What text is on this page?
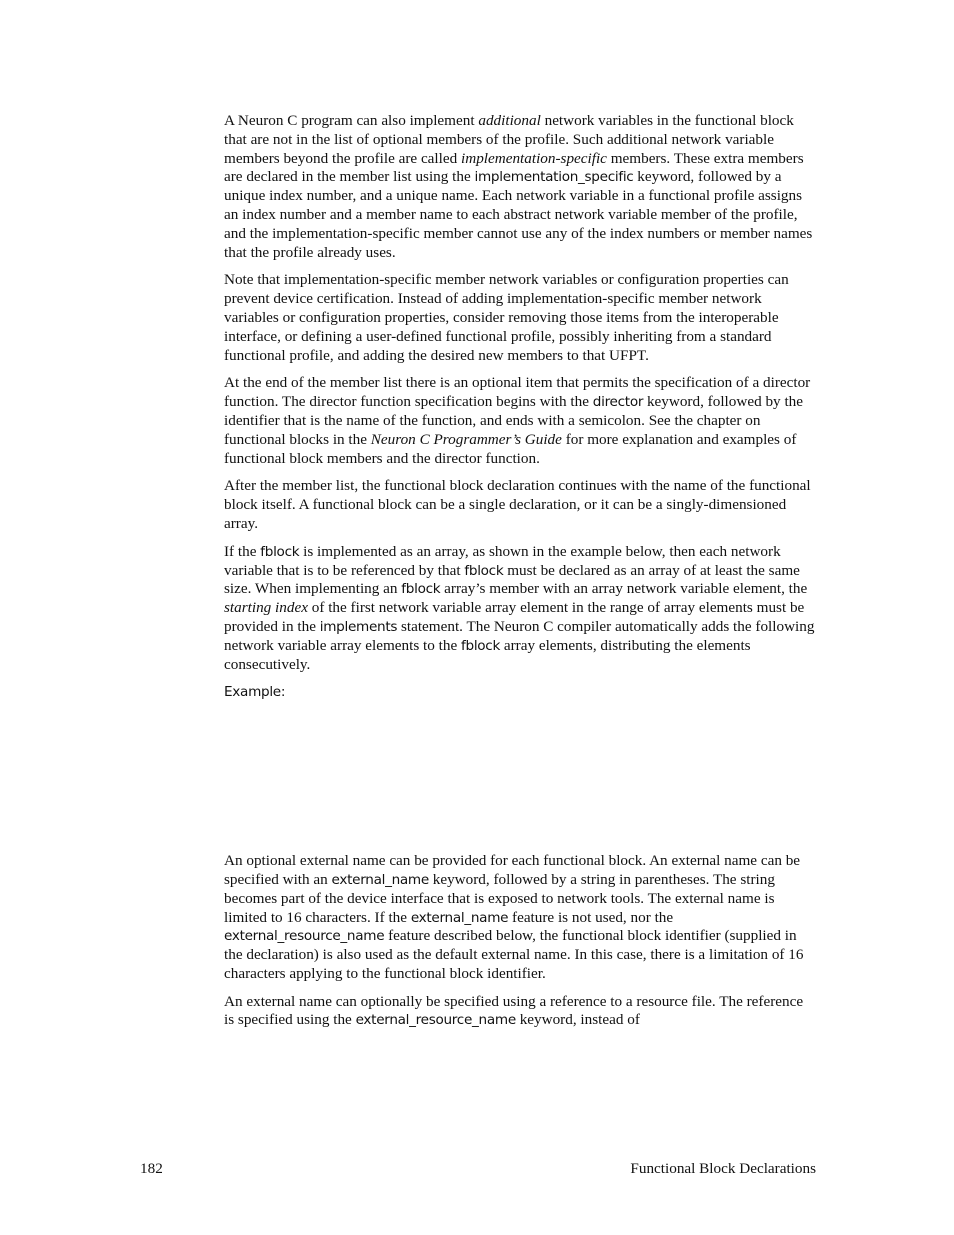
A Neuron C program can also implement additional network variables in the functional block that are not in the list of optional members of the profile. Such additional network variable members beyond the profile are called implementation-specific members. These extra members are declared in the member list using the implementation_specific keyword, followed by a unique index number, and a unique name. Each network variable in a functional profile assigns an index number and a member name to each abstract network variable member of the profile, and the implementation-specific member cannot use any of the index numbers or member names that the profile already uses.

Note that implementation-specific member network variables or configuration properties can prevent device certification. Instead of adding implementation-specific member network variables or configuration properties, consider removing those items from the interoperable interface, or defining a user-defined functional profile, possibly inheriting from a standard functional profile, and adding the desired new members to that UFPT.

At the end of the member list there is an optional item that permits the specification of a director function. The director function specification begins with the director keyword, followed by the identifier that is the name of the function, and ends with a semicolon. See the chapter on functional blocks in the Neuron C Programmer’s Guide for more explanation and examples of functional block members and the director function.

After the member list, the functional block declaration continues with the name of the functional block itself. A functional block can be a single declaration, or it can be a singly-dimensioned array.

If the fblock is implemented as an array, as shown in the example below, then each network variable that is to be referenced by that fblock must be declared as an array of at least the same size. When implementing an fblock array’s member with an array network variable element, the starting index of the first network variable array element in the range of array elements must be provided in the implements statement. The Neuron C compiler automatically adds the following network variable array elements to the fblock array elements, distributing the elements consecutively.

Example:

An optional external name can be provided for each functional block. An external name can be specified with an external_name keyword, followed by a string in parentheses. The string becomes part of the device interface that is exposed to network tools. The external name is limited to 16 characters. If the external_name feature is not used, nor the external_resource_name feature described below, the functional block identifier (supplied in the declaration) is also used as the default external name. In this case, there is a limitation of 16 characters applying to the functional block identifier.

An external name can optionally be specified using a reference to a resource file. The reference is specified using the external_resource_name keyword, instead of

182	Functional Block Declarations
